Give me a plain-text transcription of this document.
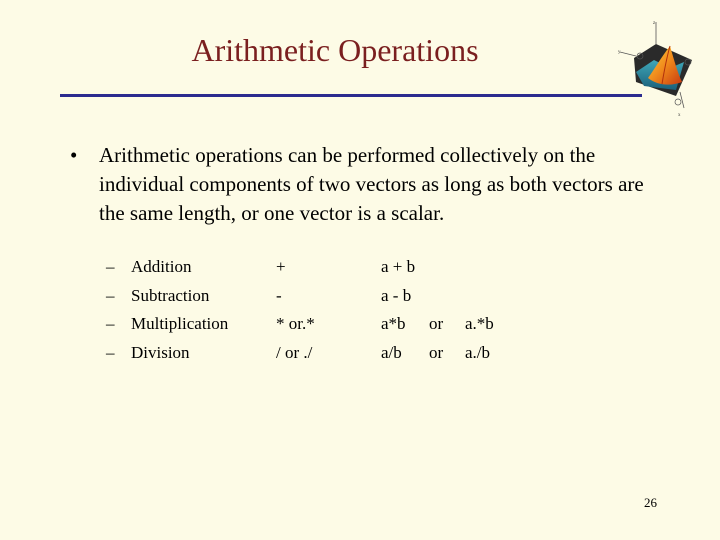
Arithmetic Operations
z
y
x
• Arithmetic operations can be performed collectively on the individual components of two vectors as long as both vectors are the same length, or one vector is a scalar.
–	Addition	+	a + b		
–	Subtraction	-	a - b		
–	Multiplication	* or.*	a*b	or	a.*b
–	Division	/ or ./	a/b	or	a./b
26
